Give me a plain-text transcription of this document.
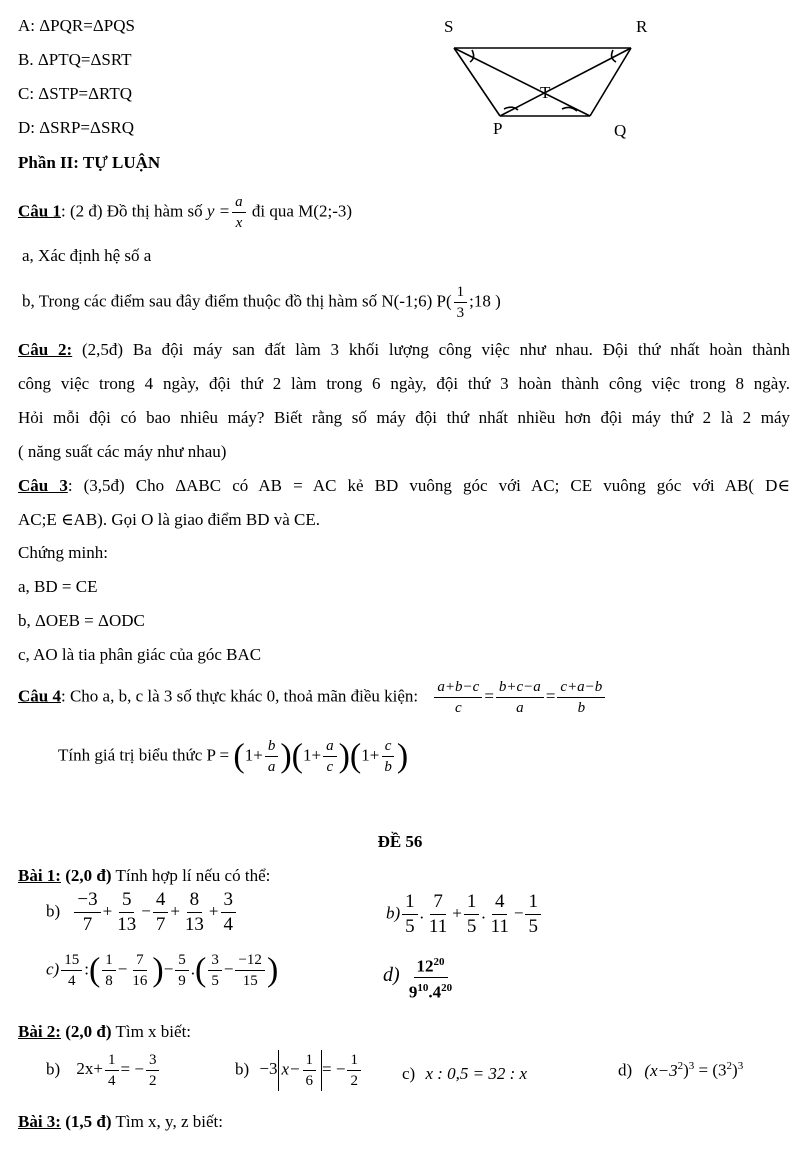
A: ΔPQR=ΔPQS
B. ΔPTQ=ΔSRT
C: ΔSTP=ΔRTQ
D: ΔSRP=ΔSRQ
S	R
T
P	Q
Phần II: TỰ LUẬN
Câu 1: (2 đ) Đồ thị hàm số $y = \frac{a}{x}$ đi qua M(2;-3)
a, Xác định hệ số a
b, Trong các điểm sau đây điểm thuộc đồ thị hàm số N(-1;6) $P( \frac{1}{3}$ ;18 )
Câu 2: (2,5đ) Ba đội máy san đất làm 3 khối lượng công việc như nhau. Đội thứ nhất hoàn thành
công việc trong 4 ngày, đội thứ 2 làm trong 6 ngày, đội thứ 3 hoàn thành công việc trong 8 ngày.
Hỏi mỗi đội có bao nhiêu máy? Biết rằng số máy đội thứ nhất nhiều hơn đội máy thứ 2 là 2 máy
( năng suất các máy như nhau)
Câu 3: (3,5đ) Cho ΔABC có AB = AC kẻ BD vuông góc với AC; CE vuông góc với AB( D∈
AC;E ∈AB). Gọi O là giao điểm BD và CE.
Chứng minh:
a, BD = CE
b, ΔOEB = ΔODC
c, AO là tia phân giác của góc BAC
Câu 4: Cho a, b, c là 3 số thực khác 0, thoả mãn điều kiện: $\frac{a+b-c}{c} = \frac{b+c-a}{a} = \frac{c+a-b}{b}$
Tính giá trị biểu thức $P = (1+ \frac{b}{a} )(1+ \frac{a}{c} )(1+ \frac{c}{b}$ )
ĐỀ 56
Bài 1: (2,0 đ) Tính hợp lí nếu có thể:
$b) \frac{-3}{7} + \frac{5}{13} - \frac{4}{7} + \frac{8}{13} + \frac{3}{4}$	$b) \frac{1}{5}$ . $\frac{7}{11} + \frac{1}{5}$ . $\frac{4}{11} - \frac{1}{5}$
$c) \frac{15}{4}$ :( $\frac{1}{8} - \frac{7}{16}$ )− $\frac{5}{9}$ .( $\frac{3}{5} - \frac{-12}{15}$ )	$d) \frac{12^{20}}{9^{10}.4^{20}}$
Bài 2: (2,0 đ) Tìm x biết:
b) $2x+ \frac{1}{4}$ = − $\frac{3}{2}$	b) −3 $x- \frac{1}{6}$ = − $\frac{1}{2} c$) x : 0,5 = 32 : x	d) $(x-3^2)^3 = (3^2)^3$
Bài 3: (1,5 đ) Tìm x, y, z biết:
